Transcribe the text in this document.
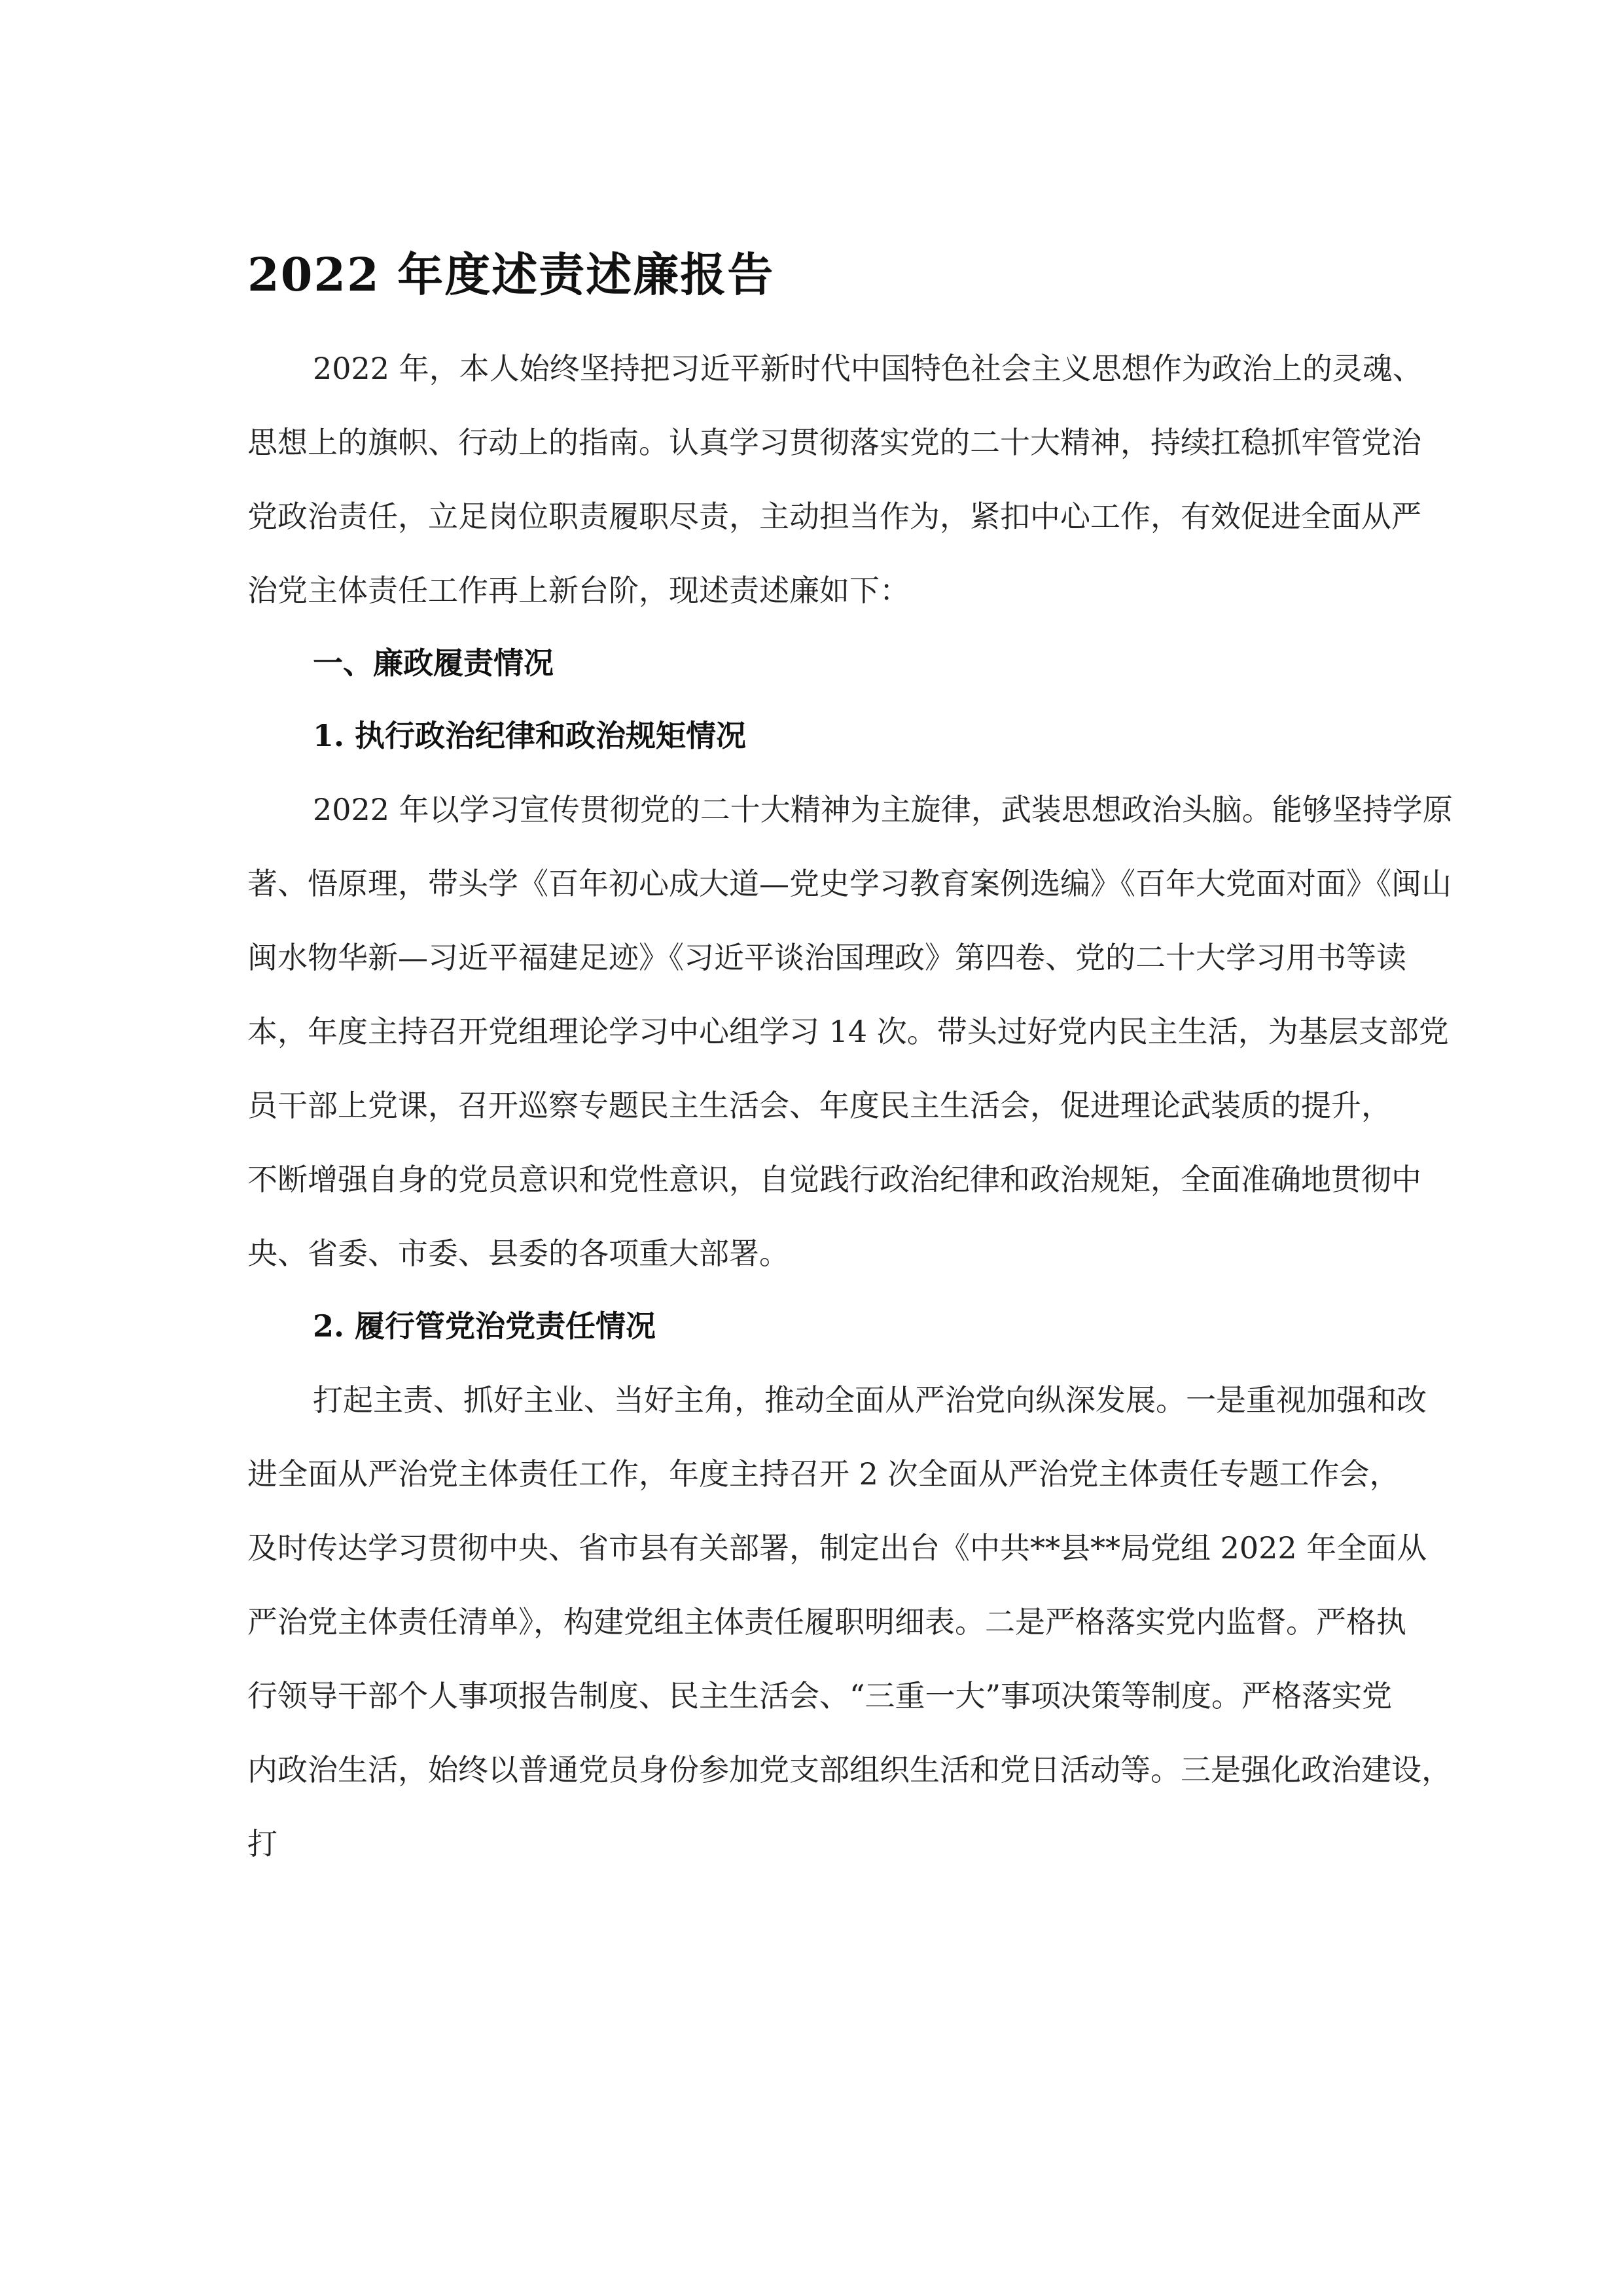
2022 年度述责述廉报告
2022 年，本人始终坚持把习近平新时代中国特色社会主义思想作为政治上的灵魂、
思想上的旗帜、行动上的指南。认真学习贯彻落实党的二十大精神，持续扛稳抓牢管党治
党政治责任，立足岗位职责履职尽责，主动担当作为，紧扣中心工作，有效促进全面从严
治党主体责任工作再上新台阶，现述责述廉如下：
一、廉政履责情况
1. 执行政治纪律和政治规矩情况
2022 年以学习宣传贯彻党的二十大精神为主旋律，武装思想政治头脑。能够坚持学原
著、悟原理，带头学《百年初心成大道—党史学习教育案例选编》《百年大党面对面》《闽山
闽水物华新—习近平福建足迹》《习近平谈治国理政》第四卷、党的二十大学习用书等读
本，年度主持召开党组理论学习中心组学习 14 次。带头过好党内民主生活，为基层支部党
员干部上党课，召开巡察专题民主生活会、年度民主生活会，促进理论武装质的提升，
不断增强自身的党员意识和党性意识，自觉践行政治纪律和政治规矩，全面准确地贯彻中
央、省委、市委、县委的各项重大部署。
2. 履行管党治党责任情况
打起主责、抓好主业、当好主角，推动全面从严治党向纵深发展。一是重视加强和改
进全面从严治党主体责任工作，年度主持召开 2 次全面从严治党主体责任专题工作会，
及时传达学习贯彻中央、省市县有关部署，制定出台《中共**县**局党组 2022 年全面从
严治党主体责任清单》，构建党组主体责任履职明细表。二是严格落实党内监督。严格执
行领导干部个人事项报告制度、民主生活会、“三重一大”事项决策等制度。严格落实党
内政治生活，始终以普通党员身份参加党支部组织生活和党日活动等。三是强化政治建设，
打
